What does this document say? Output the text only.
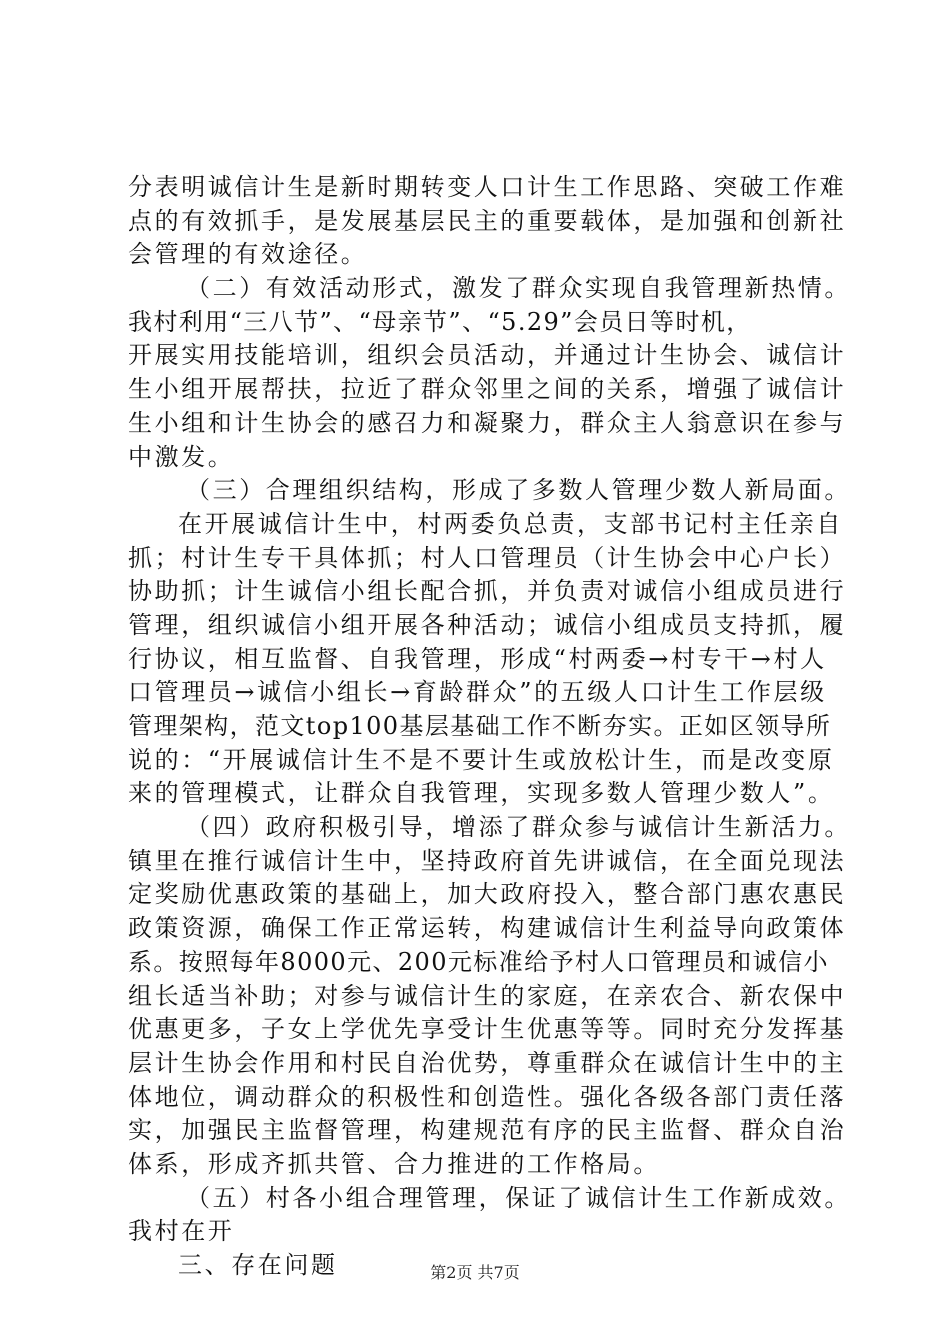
分表明诚信计生是新时期转变人口计生工作思路、突破工作难
点的有效抓手，是发展基层民主的重要载体，是加强和创新社
会管理的有效途径。
（二）有效活动形式，激发了群众实现自我管理新热情。
我村利用“三八节”、“母亲节”、“5.29”会员日等时机，
开展实用技能培训，组织会员活动，并通过计生协会、诚信计
生小组开展帮扶，拉近了群众邻里之间的关系，增强了诚信计
生小组和计生协会的感召力和凝聚力，群众主人翁意识在参与
中激发。
（三）合理组织结构，形成了多数人管理少数人新局面。
在开展诚信计生中，村两委负总责，支部书记村主任亲自
抓；村计生专干具体抓；村人口管理员（计生协会中心户长）
协助抓；计生诚信小组长配合抓，并负责对诚信小组成员进行
管理，组织诚信小组开展各种活动；诚信小组成员支持抓，履
行协议，相互监督、自我管理，形成“村两委→村专干→村人
口管理员→诚信小组长→育龄群众”的五级人口计生工作层级
管理架构，范文top100基层基础工作不断夯实。正如区领导所
说的：“开展诚信计生不是不要计生或放松计生，而是改变原
来的管理模式，让群众自我管理，实现多数人管理少数人”。
（四）政府积极引导，增添了群众参与诚信计生新活力。
镇里在推行诚信计生中，坚持政府首先讲诚信，在全面兑现法
定奖励优惠政策的基础上，加大政府投入，整合部门惠农惠民
政策资源，确保工作正常运转，构建诚信计生利益导向政策体
系。按照每年8000元、200元标准给予村人口管理员和诚信小
组长适当补助；对参与诚信计生的家庭，在亲农合、新农保中
优惠更多，子女上学优先享受计生优惠等等。同时充分发挥基
层计生协会作用和村民自治优势，尊重群众在诚信计生中的主
体地位，调动群众的积极性和创造性。强化各级各部门责任落
实，加强民主监督管理，构建规范有序的民主监督、群众自治
体系，形成齐抓共管、合力推进的工作格局。
（五）村各小组合理管理，保证了诚信计生工作新成效。
我村在开
三、存在问题	第2页 共7页
